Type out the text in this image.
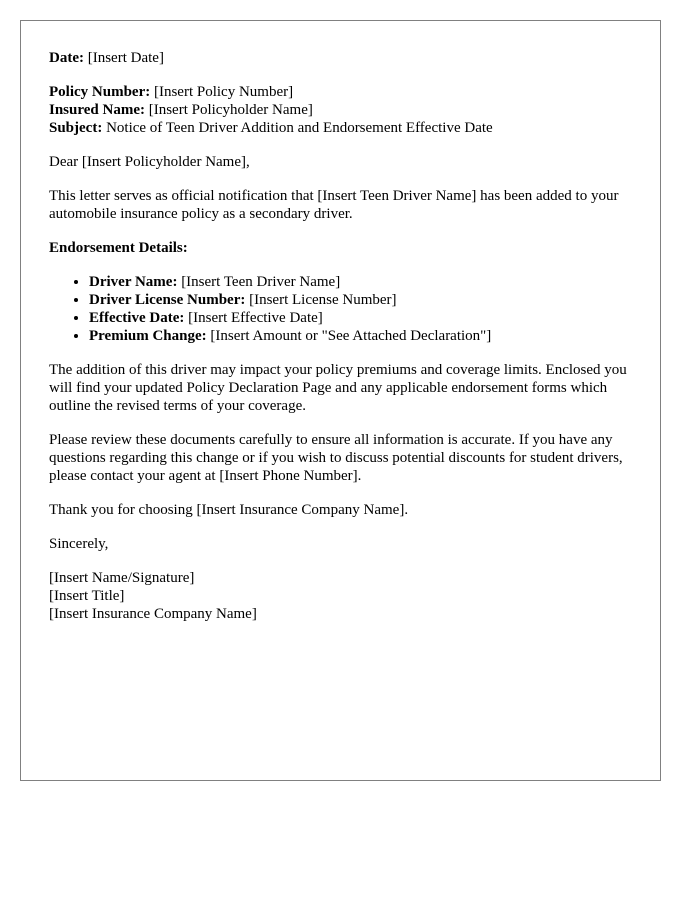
Date: [Insert Date]

Policy Number: [Insert Policy Number]

Insured Name: [Insert Policyholder Name]

Subject: Notice of Teen Driver Addition and Endorsement Effective Date

Dear [Insert Policyholder Name],

This letter serves as official notification that [Insert Teen Driver Name] has been added to your automobile insurance policy as a secondary driver.

Endorsement Details:

• Driver Name: [Insert Teen Driver Name]
• Driver License Number: [Insert License Number]
• Effective Date: [Insert Effective Date]
• Premium Change: [Insert Amount or "See Attached Declaration"]

The addition of this driver may impact your policy premiums and coverage limits. Enclosed you will find your updated Policy Declaration Page and any applicable endorsement forms which outline the revised terms of your coverage.

Please review these documents carefully to ensure all information is accurate. If you have any questions regarding this change or if you wish to discuss potential discounts for student drivers, please contact your agent at [Insert Phone Number].

Thank you for choosing [Insert Insurance Company Name].

Sincerely,

[Insert Name/Signature]

[Insert Title]

[Insert Insurance Company Name]
